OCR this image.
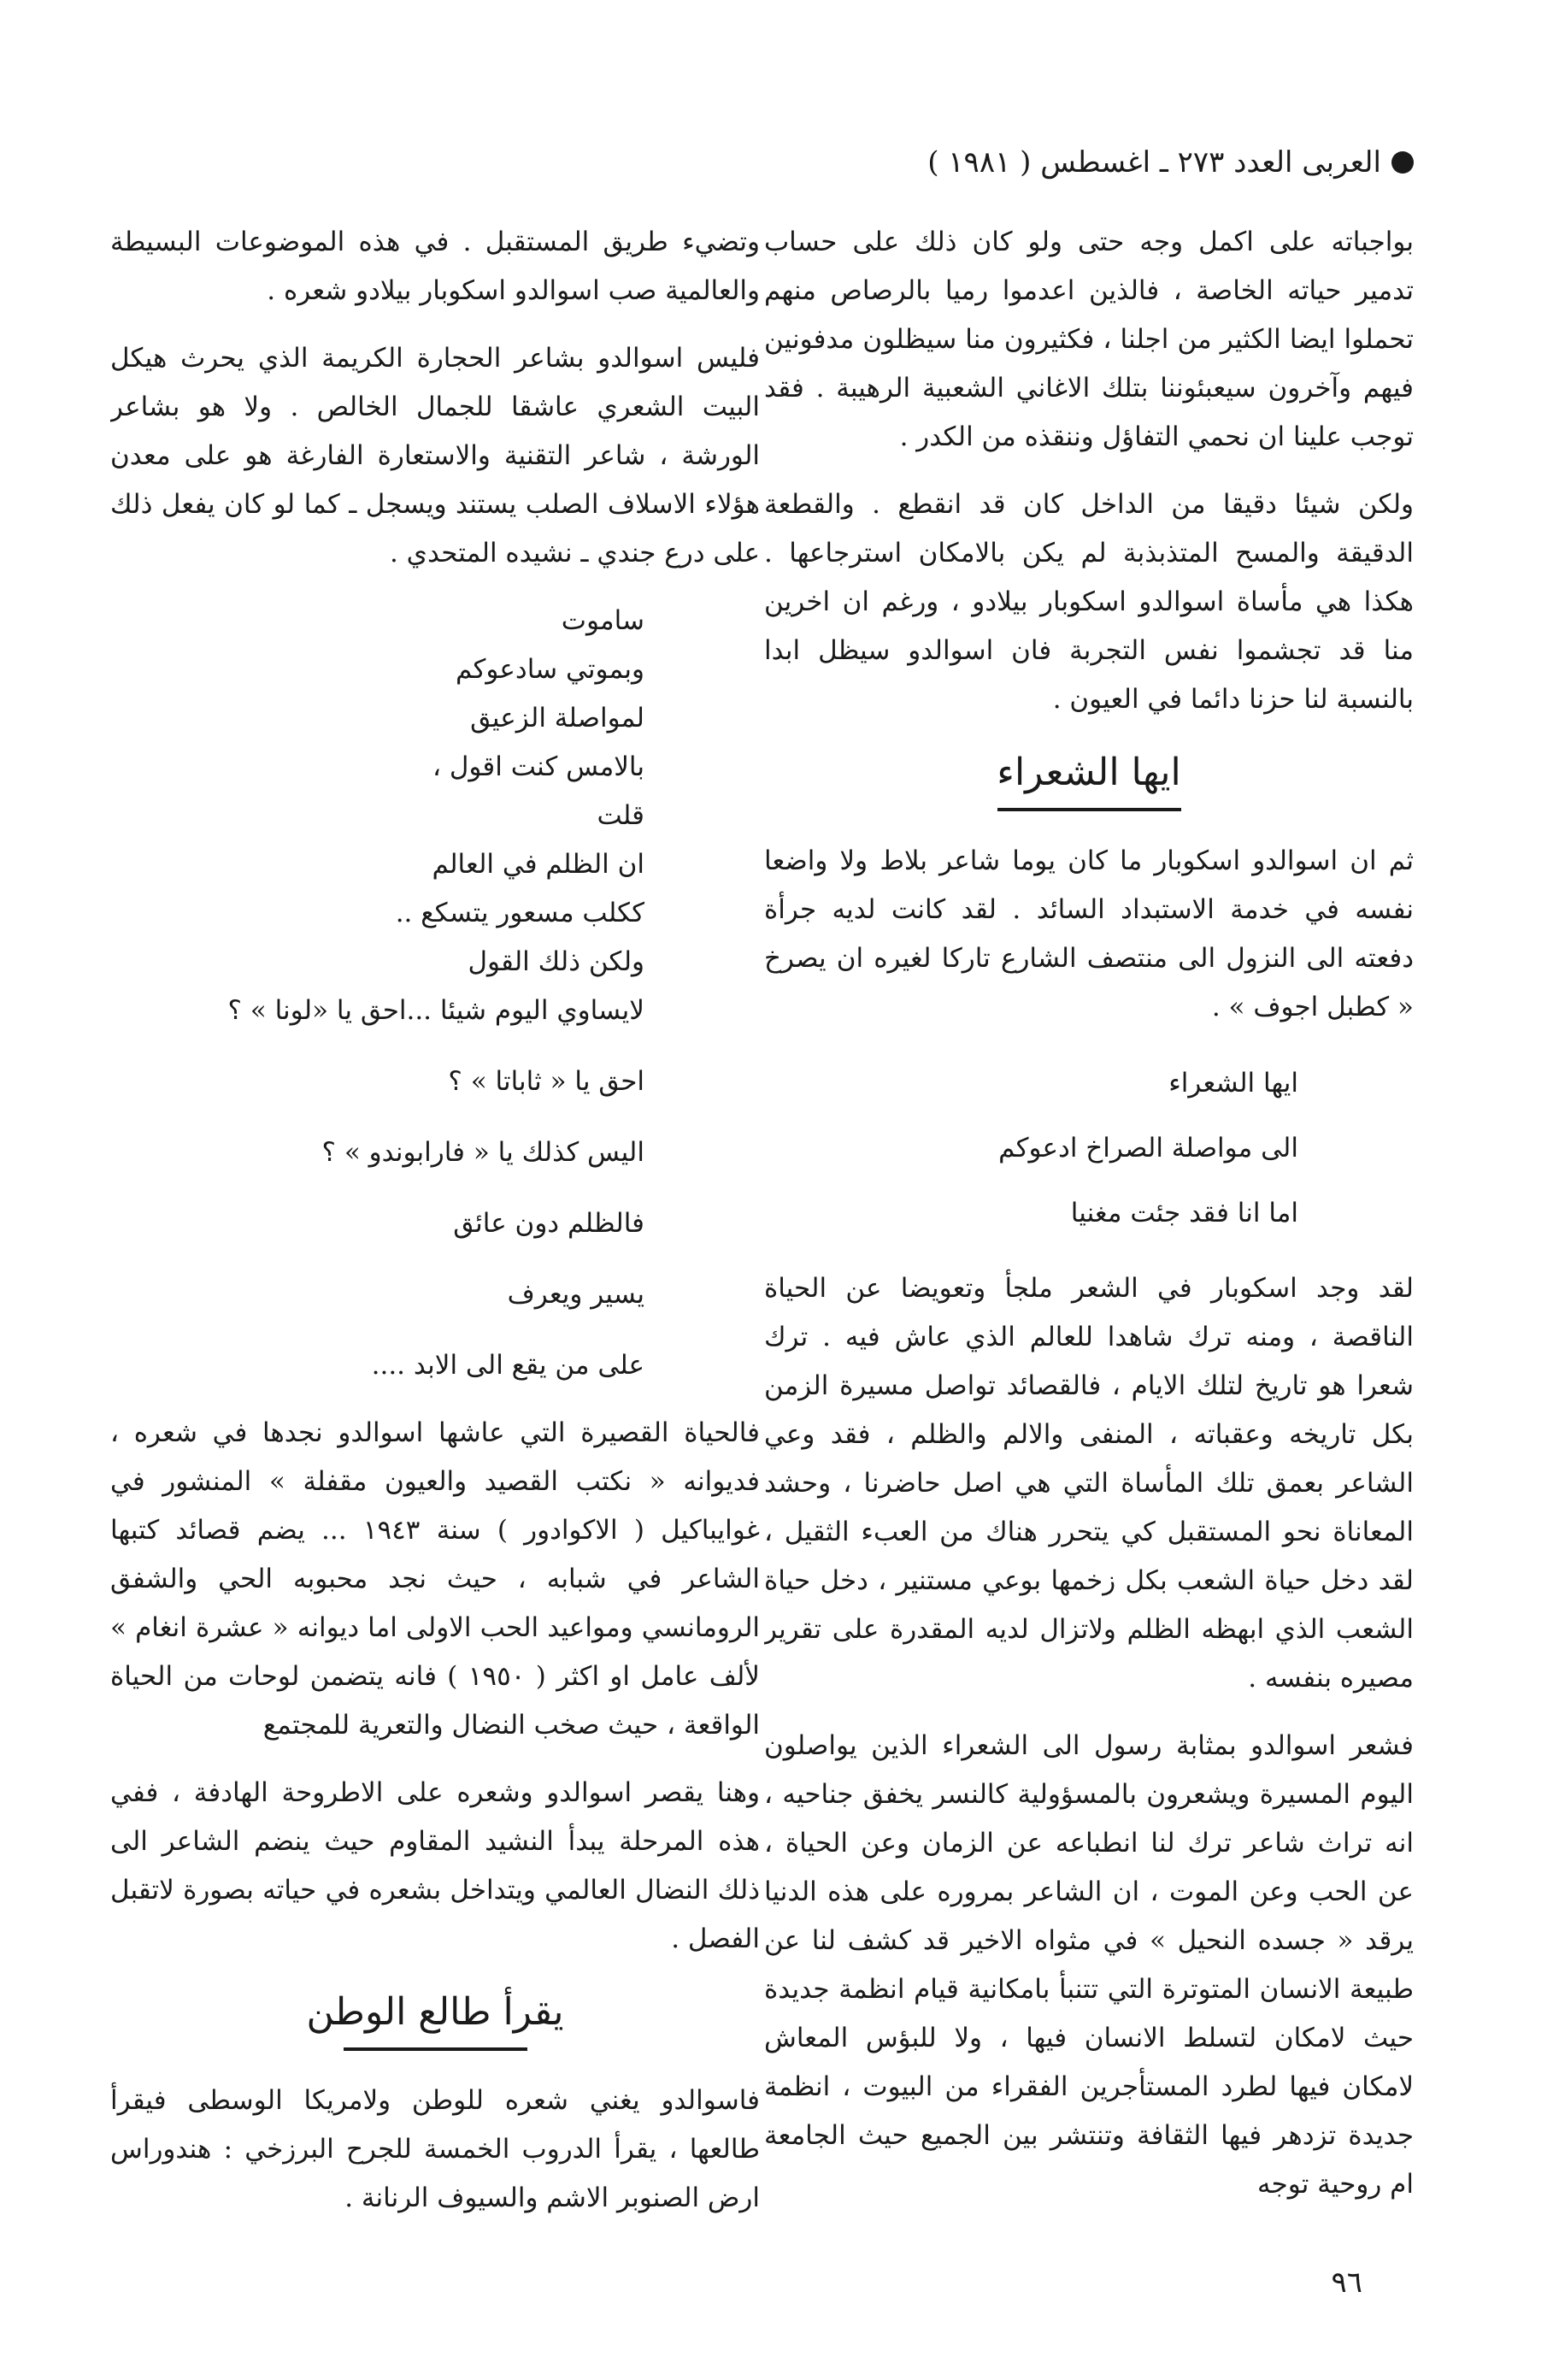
العربى العدد ٢٧٣ ـ اغسطس ( ١٩٨١ )

بواجباته على اكمل وجه حتى ولو كان ذلك على حساب تدمير حياته الخاصة ، فالذين اعدموا رميا بالرصاص منهم تحملوا ايضا الكثير من اجلنا ، فكثيرون منا سيظلون مدفونين فيهم وآخرون سيعبئوننا بتلك الاغاني الشعبية الرهيبة . فقد توجب علينا ان نحمي التفاؤل وننقذه من الكدر .

ولكن شيئا دقيقا من الداخل كان قد انقطع . والقطعة الدقيقة والمسح المتذبذبة لم يكن بالامكان استرجاعها . هكذا هي مأساة اسوالدو اسكوبار بيلادو ، ورغم ان اخرين منا قد تجشموا نفس التجربة فان اسوالدو سيظل ابدا بالنسبة لنا حزنا دائما في العيون .

ايها الشعراء

ثم ان اسوالدو اسكوبار ما كان يوما شاعر بلاط ولا واضعا نفسه في خدمة الاستبداد السائد . لقد كانت لديه جرأة دفعته الى النزول الى منتصف الشارع تاركا لغيره ان يصرخ « كطبل اجوف » .

ايها الشعراء
الى مواصلة الصراخ ادعوكم
اما انا فقد جئت مغنيا

لقد وجد اسكوبار في الشعر ملجأ وتعويضا عن الحياة الناقصة ، ومنه ترك شاهدا للعالم الذي عاش فيه . ترك شعرا هو تاريخ لتلك الايام ، فالقصائد تواصل مسيرة الزمن بكل تاريخه وعقباته ، المنفى والالم والظلم ، فقد وعي الشاعر بعمق تلك المأساة التي هي اصل حاضرنا ، وحشد المعاناة نحو المستقبل كي يتحرر هناك من العبء الثقيل ، لقد دخل حياة الشعب بكل زخمها بوعي مستنير ، دخل حياة الشعب الذي ابهظه الظلم ولاتزال لديه المقدرة على تقرير مصيره بنفسه .

فشعر اسوالدو بمثابة رسول الى الشعراء الذين يواصلون اليوم المسيرة ويشعرون بالمسؤولية كالنسر يخفق جناحيه ، انه تراث شاعر ترك لنا انطباعه عن الزمان وعن الحياة ، عن الحب وعن الموت ، ان الشاعر بمروره على هذه الدنيا يرقد « جسده النحيل » في مثواه الاخير قد كشف لنا عن طبيعة الانسان المتوترة التي تتنبأ بامكانية قيام انظمة جديدة حيث لامكان لتسلط الانسان فيها ، ولا للبؤس المعاش لامكان فيها لطرد المستأجرين الفقراء من البيوت ، انظمة جديدة تزدهر فيها الثقافة وتنتشر بين الجميع حيث الجامعة ام روحية توجه

وتضيء طريق المستقبل . في هذه الموضوعات البسيطة والعالمية صب اسوالدو اسكوبار بيلادو شعره .

فليس اسوالدو بشاعر الحجارة الكريمة الذي يحرث هيكل البيت الشعري عاشقا للجمال الخالص . ولا هو بشاعر الورشة ، شاعر التقنية والاستعارة الفارغة هو على معدن هؤلاء الاسلاف الصلب يستند ويسجل ـ كما لو كان يفعل ذلك على درع جندي ـ نشيده المتحدي .

ساموت
وبموتي سادعوكم
لمواصلة الزعيق
بالامس كنت اقول ،
قلت
ان الظلم في العالم
ككلب مسعور يتسكع ..
ولكن ذلك القول
لايساوي اليوم شيئا ...احق يا «لونا » ؟
احق يا « ثاباتا » ؟
اليس كذلك يا « فارابوندو » ؟
فالظلم دون عائق
يسير ويعرف
على من يقع الى الابد ....

فالحياة القصيرة التي عاشها اسوالدو نجدها في شعره ، فديوانه « نكتب القصيد والعيون مقفلة » المنشور في غوايباكيل ( الاكوادور ) سنة ١٩٤٣ ... يضم قصائد كتبها الشاعر في شبابه ، حيث نجد محبوبه الحي والشفق الرومانسي ومواعيد الحب الاولى اما ديوانه « عشرة انغام » لألف عامل او اكثر ( ١٩٥٠ ) فانه يتضمن لوحات من الحياة الواقعة ، حيث صخب النضال والتعرية للمجتمع

وهنا يقصر اسوالدو وشعره على الاطروحة الهادفة ، ففي هذه المرحلة يبدأ النشيد المقاوم حيث ينضم الشاعر الى ذلك النضال العالمي ويتداخل بشعره في حياته بصورة لاتقبل الفصل .

يقرأ طالع الوطن

فاسوالدو يغني شعره للوطن ولامريكا الوسطى فيقرأ طالعها ، يقرأ الدروب الخمسة للجرح البرزخي : هندوراس ارض الصنوبر الاشم والسيوف الرنانة .

٩٦
